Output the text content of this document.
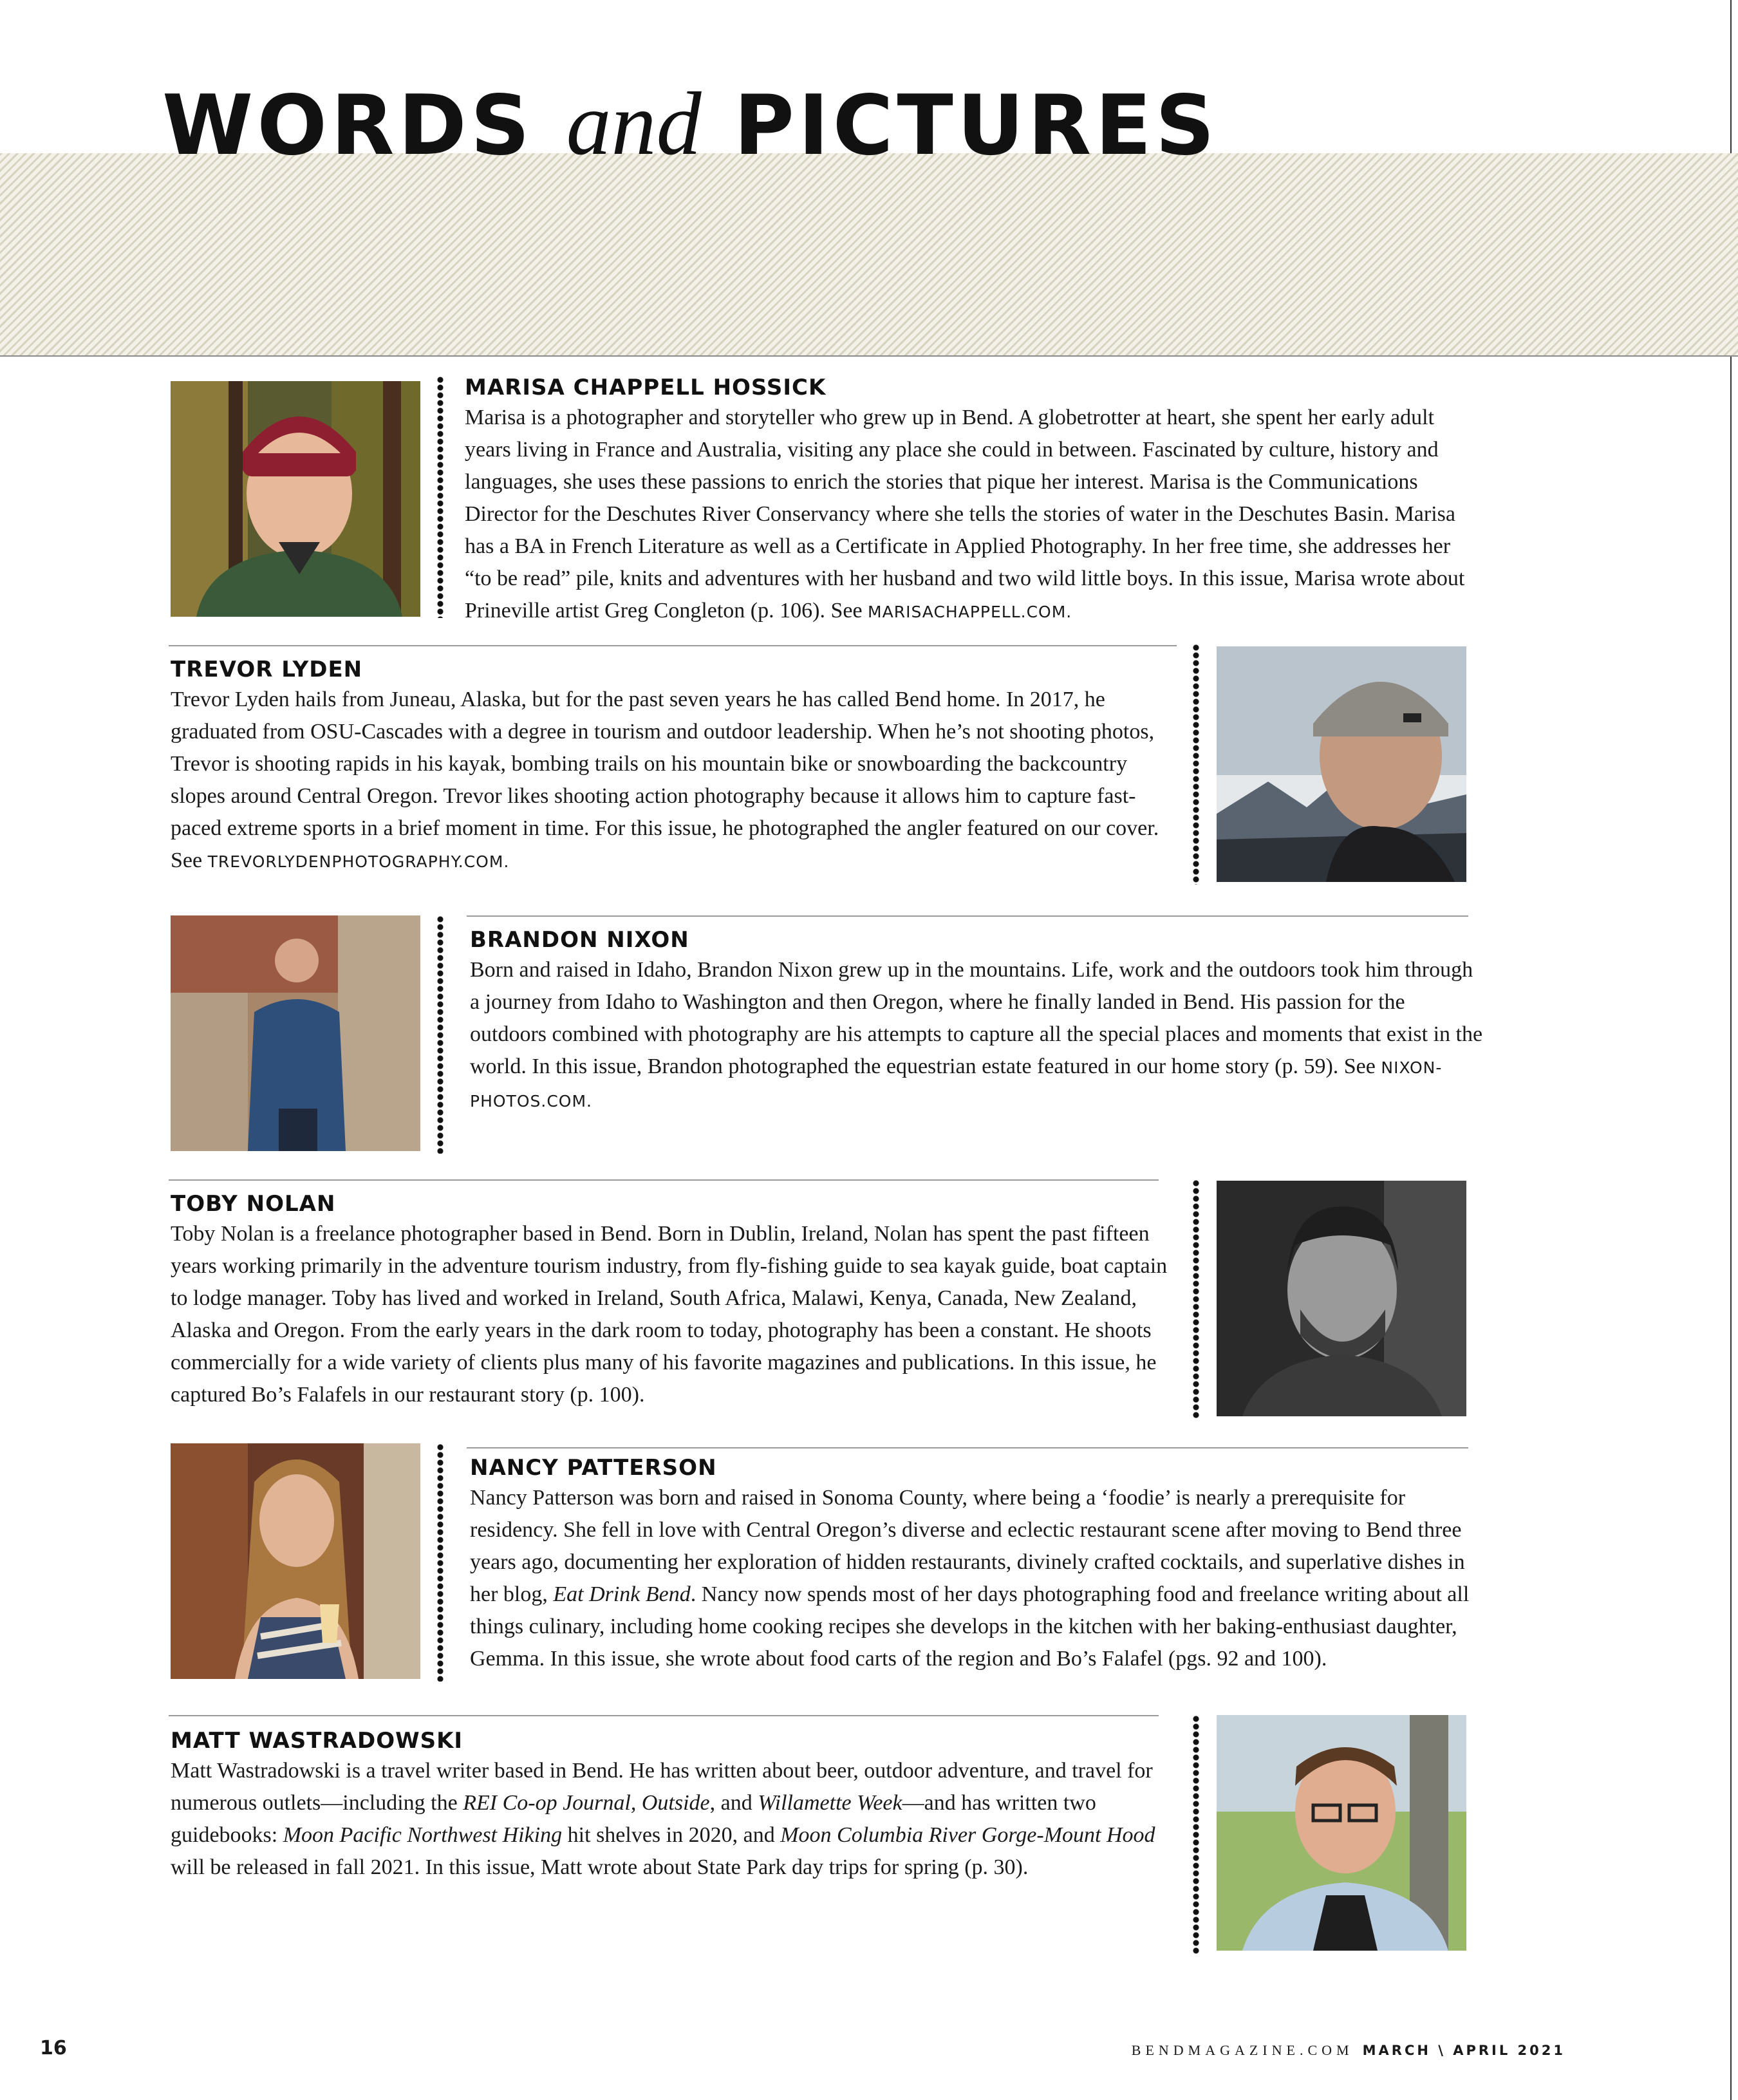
WORDS and PICTURES

MARISA CHAPPELL HOSSICK

Marisa is a photographer and storyteller who grew up in Bend. A globetrotter at heart, she spent her early adult years living in France and Australia, visiting any place she could in between. Fascinated by culture, history and languages, she uses these passions to enrich the stories that pique her interest. Marisa is the Communications Director for the Deschutes River Conservancy where she tells the stories of water in the Deschutes Basin. Marisa has a BA in French Literature as well as a Certificate in Applied Photography. In her free time, she addresses her “to be read” pile, knits and adventures with her husband and two wild little boys. In this issue, Marisa wrote about Prineville artist Greg Congleton (p. 106). See MARISACHAPPELL.COM.

TREVOR LYDEN

Trevor Lyden hails from Juneau, Alaska, but for the past seven years he has called Bend home. In 2017, he graduated from OSU-Cascades with a degree in tourism and outdoor leadership. When he’s not shooting photos, Trevor is shooting rapids in his kayak, bombing trails on his mountain bike or snowboarding the backcountry slopes around Central Oregon. Trevor likes shooting action photography because it allows him to capture fast-paced extreme sports in a brief moment in time. For this issue, he photographed the angler featured on our cover. See TREVORLYDENPHOTOGRAPHY.COM.

BRANDON NIXON

Born and raised in Idaho, Brandon Nixon grew up in the mountains. Life, work and the outdoors took him through a journey from Idaho to Washington and then Oregon, where he finally landed in Bend. His passion for the outdoors combined with photography are his attempts to capture all the special places and moments that exist in the world. In this issue, Brandon photographed the equestrian estate featured in our home story (p. 59). See NIXON-PHOTOS.COM.

TOBY NOLAN

Toby Nolan is a freelance photographer based in Bend. Born in Dublin, Ireland, Nolan has spent the past fifteen years working primarily in the adventure tourism industry, from fly-fishing guide to sea kayak guide, boat captain to lodge manager. Toby has lived and worked in Ireland, South Africa, Malawi, Kenya, Canada, New Zealand, Alaska and Oregon. From the early years in the dark room to today, photography has been a constant. He shoots commercially for a wide variety of clients plus many of his favorite magazines and publications. In this issue, he captured Bo’s Falafels in our restaurant story (p. 100).

NANCY PATTERSON

Nancy Patterson was born and raised in Sonoma County, where being a ‘foodie’ is nearly a prerequisite for residency. She fell in love with Central Oregon’s diverse and eclectic restaurant scene after moving to Bend three years ago, documenting her exploration of hidden restaurants, divinely crafted cocktails, and superlative dishes in her blog, Eat Drink Bend. Nancy now spends most of her days photographing food and freelance writing about all things culinary, including home cooking recipes she develops in the kitchen with her baking-enthusiast daughter, Gemma. In this issue, she wrote about food carts of the region and Bo’s Falafel (pgs. 92 and 100).

MATT WASTRADOWSKI

Matt Wastradowski is a travel writer based in Bend. He has written about beer, outdoor adventure, and travel for numerous outlets—including the REI Co-op Journal, Outside, and Willamette Week—and has written two guidebooks: Moon Pacific Northwest Hiking hit shelves in 2020, and Moon Columbia River Gorge-Mount Hood will be released in fall 2021. In this issue, Matt wrote about State Park day trips for spring (p. 30).

16	BENDMAGAZINE.COM MARCH \ APRIL 2021
